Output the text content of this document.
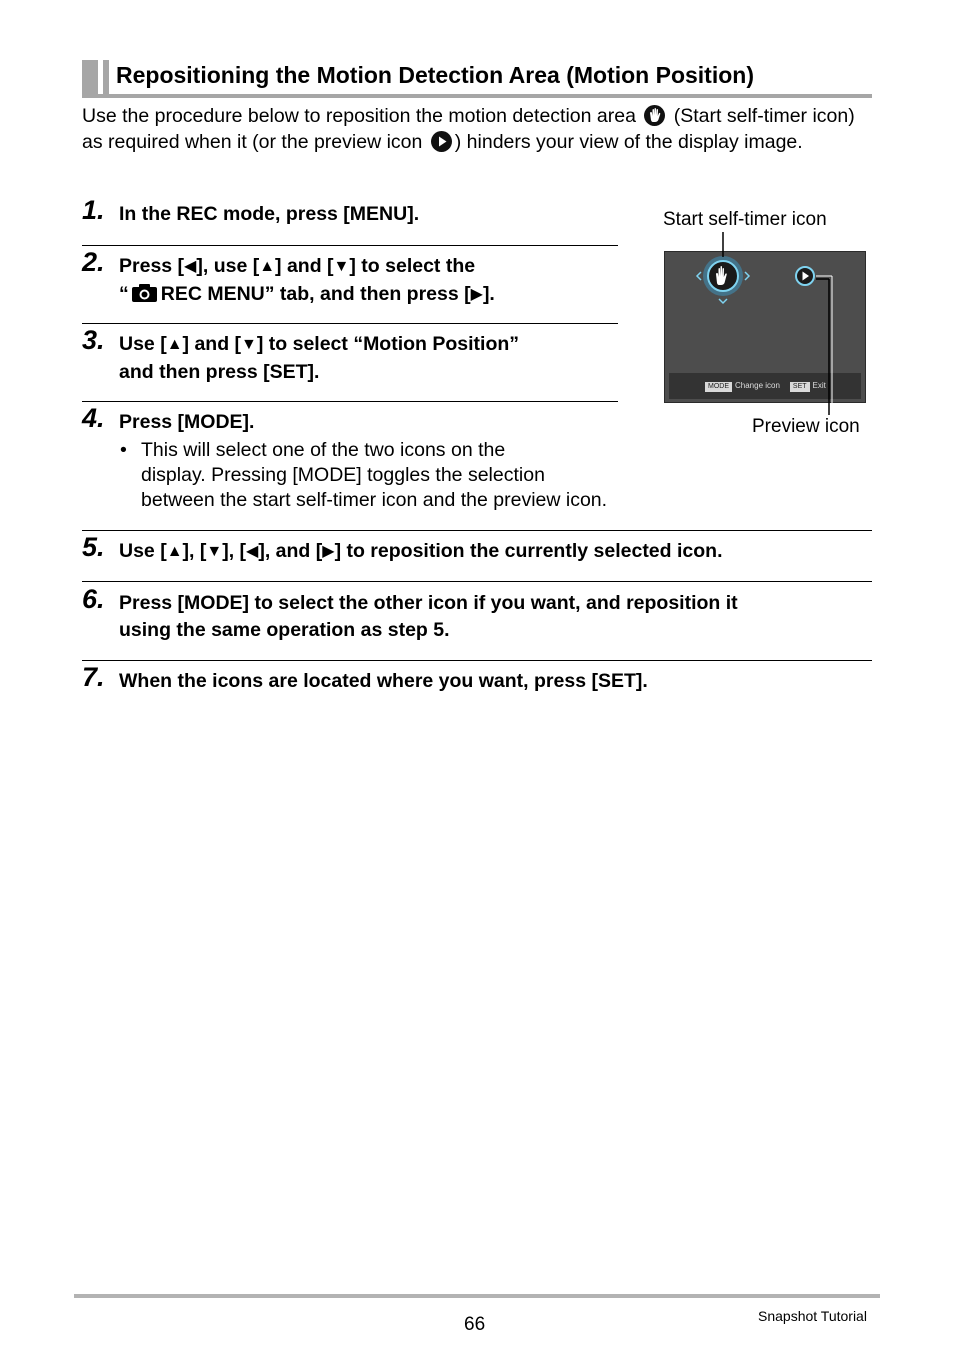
Repositioning the Motion Detection Area (Motion Position)
Use the procedure below to reposition the motion detection area (Start self-timer icon) as required when it (or the preview icon ) hinders your view of the display image.
1. In the REC mode, press [MENU].
2. Press [◀], use [▲] and [▼] to select the
“ REC MENU” tab, and then press [▶].
3. Use [▲] and [▼] to select “Motion Position”
and then press [SET].
4. Press [MODE].
• This will select one of the two icons on the
display. Pressing [MODE] toggles the selection
between the start self-timer icon and the preview icon.
Start self-timer icon
MODE Change icon SET Exit
Preview icon
5. Use [▲], [▼], [◀], and [▶] to reposition the currently selected icon.
6. Press [MODE] to select the other icon if you want, and reposition it
using the same operation as step 5.
7. When the icons are located where you want, press [SET].
66	Snapshot Tutorial
